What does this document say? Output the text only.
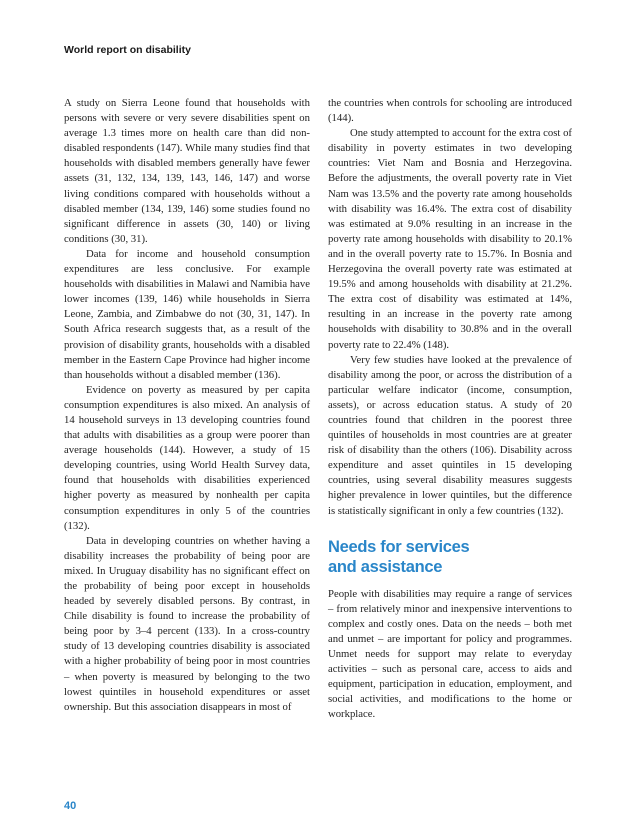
World report on disability

A study on Sierra Leone found that households with persons with severe or very severe disabilities spent on average 1.3 times more on health care than did non-disabled respondents (147). While many studies find that households with disabled members generally have fewer assets (31, 132, 134, 139, 143, 146, 147) and worse living conditions compared with households without a disabled member (134, 139, 146) some studies found no significant difference in assets (30, 140) or living conditions (30, 31).

Data for income and household consumption expenditures are less conclusive. For example households with disabilities in Malawi and Namibia have lower incomes (139, 146) while households in Sierra Leone, Zambia, and Zimbabwe do not (30, 31, 147). In South Africa research suggests that, as a result of the provision of disability grants, households with a disabled member in the Eastern Cape Province had higher income than households without a disabled member (136).

Evidence on poverty as measured by per capita consumption expenditures is also mixed. An analysis of 14 household surveys in 13 developing countries found that adults with disabilities as a group were poorer than average households (144). However, a study of 15 developing countries, using World Health Survey data, found that households with disabilities experienced higher poverty as measured by nonhealth per capita consumption expenditures in only 5 of the countries (132).

Data in developing countries on whether having a disability increases the probability of being poor are mixed. In Uruguay disability has no significant effect on the probability of being poor except in households headed by severely disabled persons. By contrast, in Chile disability is found to increase the probability of being poor by 3–4 percent (133). In a cross-country study of 13 developing countries disability is associated with a higher probability of being poor in most countries – when poverty is measured by belonging to the two lowest quintiles in household expenditures or asset ownership. But this association disappears in most of

the countries when controls for schooling are introduced (144).

One study attempted to account for the extra cost of disability in poverty estimates in two developing countries: Viet Nam and Bosnia and Herzegovina. Before the adjustments, the overall poverty rate in Viet Nam was 13.5% and the poverty rate among households with disability was 16.4%. The extra cost of disability was estimated at 9.0% resulting in an increase in the poverty rate among households with disability to 20.1% and in the overall poverty rate to 15.7%. In Bosnia and Herzegovina the overall poverty rate was estimated at 19.5% and among households with disability at 21.2%. The extra cost of disability was estimated at 14%, resulting in an increase in the poverty rate among households with disability to 30.8% and in the overall poverty rate to 22.4% (148).

Very few studies have looked at the prevalence of disability among the poor, or across the distribution of a particular welfare indicator (income, consumption, assets), or across education status. A study of 20 countries found that children in the poorest three quintiles of households in most countries are at greater risk of disability than the others (106). Disability across expenditure and asset quintiles in 15 developing countries, using several disability measures suggests higher prevalence in lower quintiles, but the difference is statistically significant in only a few countries (132).

Needs for services
and assistance

People with disabilities may require a range of services – from relatively minor and inexpensive interventions to complex and costly ones. Data on the needs – both met and unmet – are important for policy and programmes. Unmet needs for support may relate to everyday activities – such as personal care, access to aids and equipment, participation in education, employment, and social activities, and modifications to the home or workplace.

40
